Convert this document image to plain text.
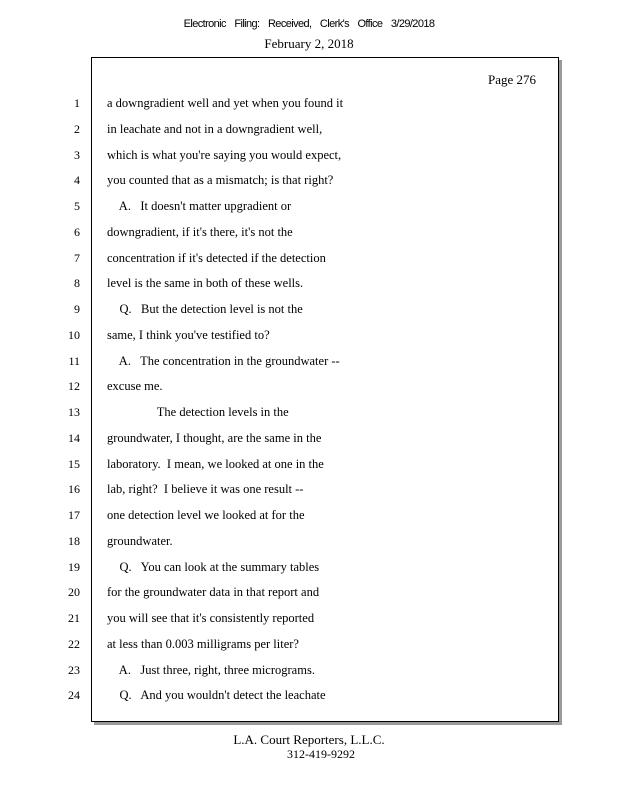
Electronic Filing: Received, Clerk's Office 3/29/2018
February 2, 2018
Page 276
1 a downgradient well and yet when you found it
2 in leachate and not in a downgradient well,
3 which is what you're saying you would expect,
4 you counted that as a mismatch; is that right?
5 A.   It doesn't matter upgradient or
6 downgradient, if it's there, it's not the
7 concentration if it's detected if the detection
8 level is the same in both of these wells.
9 Q.   But the detection level is not the
10 same, I think you've testified to?
11 A.   The concentration in the groundwater --
12 excuse me.
13 The detection levels in the
14 groundwater, I thought, are the same in the
15 laboratory.  I mean, we looked at one in the
16 lab, right?  I believe it was one result --
17 one detection level we looked at for the
18 groundwater.
19 Q.   You can look at the summary tables
20 for the groundwater data in that report and
21 you will see that it's consistently reported
22 at less than 0.003 milligrams per liter?
23 A.   Just three, right, three micrograms.
24 Q.   And you wouldn't detect the leachate
L.A. Court Reporters, L.L.C.
312-419-9292
